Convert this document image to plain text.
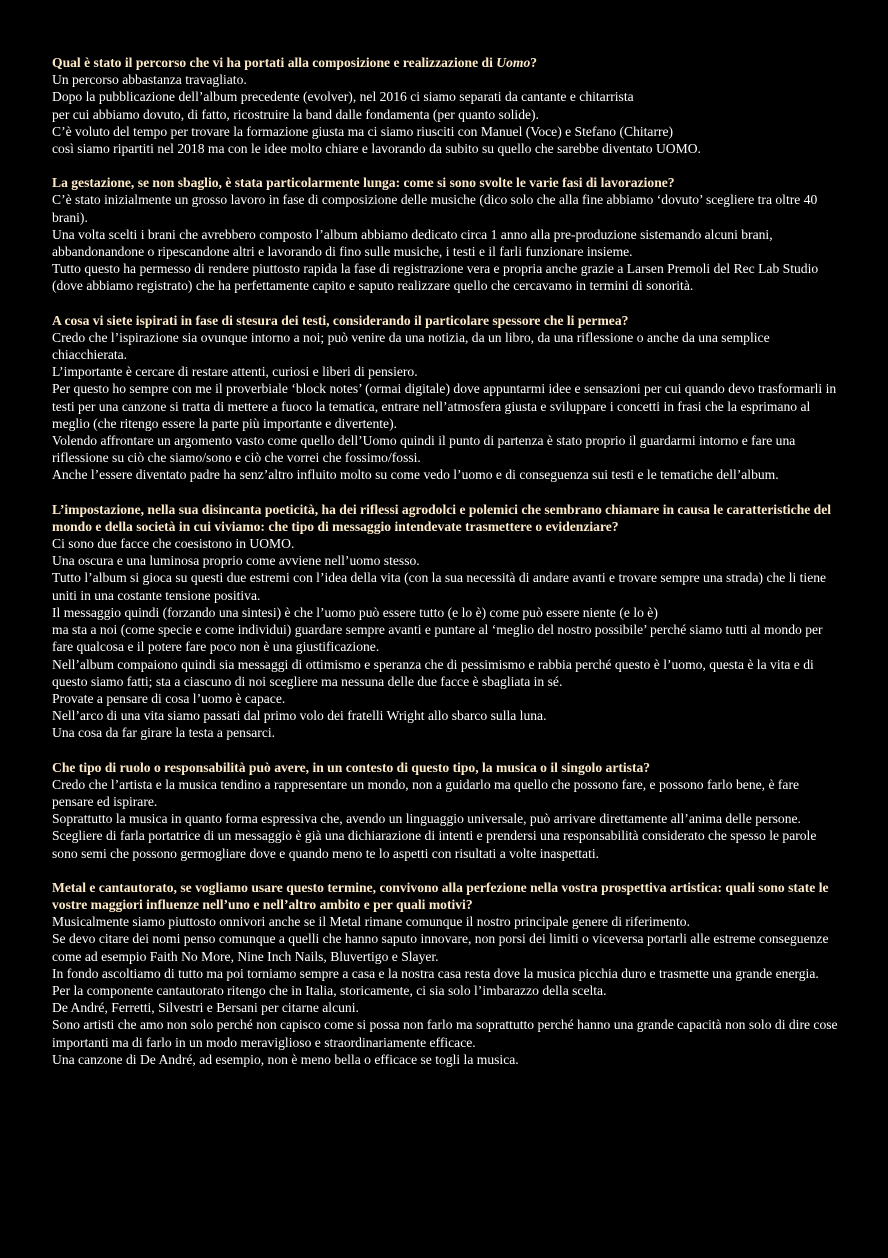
Qual è stato il percorso che vi ha portati alla composizione e realizzazione di Uomo?
Un percorso abbastanza travagliato.
Dopo la pubblicazione dell’album precedente (evolver), nel 2016 ci siamo separati da cantante e chitarrista
per cui abbiamo dovuto, di fatto, ricostruire la band dalle fondamenta (per quanto solide).
C’è voluto del tempo per trovare la formazione giusta ma ci siamo riusciti con Manuel (Voce) e Stefano (Chitarre)
così siamo ripartiti nel 2018 ma con le idee molto chiare e lavorando da subito su quello che sarebbe diventato UOMO.
La gestazione, se non sbaglio, è stata particolarmente lunga: come si sono svolte le varie fasi di lavorazione?
C’è stato inizialmente un grosso lavoro in fase di composizione delle musiche (dico solo che alla fine abbiamo ‘dovuto’ scegliere tra oltre 40 brani).
Una volta scelti i brani che avrebbero composto l’album abbiamo dedicato circa 1 anno alla pre-produzione sistemando alcuni brani, abbandonandone o ripescandone altri e lavorando di fino sulle musiche, i testi e il farli funzionare insieme.
Tutto questo ha permesso di rendere piuttosto rapida la fase di registrazione vera e propria anche grazie a Larsen Premoli del Rec Lab Studio (dove abbiamo registrato) che ha perfettamente capito e saputo realizzare quello che cercavamo in termini di sonorità.
A cosa vi siete ispirati in fase di stesura dei testi, considerando il particolare spessore che li permea?
Credo che l’ispirazione sia ovunque intorno a noi; può venire da una notizia, da un libro, da una riflessione o anche da una semplice chiacchierata.
L’importante è cercare di restare attenti, curiosi e liberi di pensiero.
Per questo ho sempre con me il proverbiale ‘block notes’ (ormai digitale) dove appuntarmi idee e sensazioni per cui quando devo trasformarli in testi per una canzone si tratta di mettere a fuoco la tematica, entrare nell’atmosfera giusta e sviluppare i concetti in frasi che la esprimano al meglio (che ritengo essere la parte più importante e divertente).
Volendo affrontare un argomento vasto come quello dell’Uomo quindi il punto di partenza è stato proprio il guardarmi intorno e fare una riflessione su ciò che siamo/sono e ciò che vorrei che fossimo/fossi.
Anche l’essere diventato padre ha senz’altro influito molto su come vedo l’uomo e di conseguenza sui testi e le tematiche dell’album.
L’impostazione, nella sua disincanta poeticità, ha dei riflessi agrodolci e polemici che sembrano chiamare in causa le caratteristiche del mondo e della società in cui viviamo: che tipo di messaggio intendevate trasmettere o evidenziare?
Ci sono due facce che coesistono in UOMO.
Una oscura e una luminosa proprio come avviene nell’uomo stesso.
Tutto l’album si gioca su questi due estremi con l’idea della vita (con la sua necessità di andare avanti e trovare sempre una strada) che li tiene uniti in una costante tensione positiva.
Il messaggio quindi (forzando una sintesi) è che l’uomo può essere tutto (e lo è) come può essere niente (e lo è)
ma sta a noi (come specie e come individui) guardare sempre avanti e puntare al ‘meglio del nostro possibile’ perché siamo tutti al mondo per fare qualcosa e il potere fare poco non è una giustificazione.
Nell’album compaiono quindi sia messaggi di ottimismo e speranza che di pessimismo e rabbia perché questo è l’uomo, questa è la vita e di questo siamo fatti; sta a ciascuno di noi scegliere ma nessuna delle due facce è sbagliata in sé.
Provate a pensare di cosa l’uomo è capace.
Nell’arco di una vita siamo passati dal primo volo dei fratelli Wright allo sbarco sulla luna.
Una cosa da far girare la testa a pensarci.
Che tipo di ruolo o responsabilità può avere, in un contesto di questo tipo, la musica o il singolo artista?
Credo che l’artista e la musica tendino a rappresentare un mondo, non a guidarlo ma quello che possono fare, e possono farlo bene, è fare pensare ed ispirare.
Soprattutto la musica in quanto forma espressiva che, avendo un linguaggio universale, può arrivare direttamente all’anima delle persone.
Scegliere di farla portatrice di un messaggio è già una dichiarazione di intenti e prendersi una responsabilità considerato che spesso le parole sono semi che possono germogliare dove e quando meno te lo aspetti con risultati a volte inaspettati.
Metal e cantautorato, se vogliamo usare questo termine, convivono alla perfezione nella vostra prospettiva artistica: quali sono state le vostre maggiori influenze nell’uno e nell’altro ambito e per quali motivi?
Musicalmente siamo piuttosto onnivori anche se il Metal rimane comunque il nostro principale genere di riferimento.
Se devo citare dei nomi penso comunque a quelli che hanno saputo innovare, non porsi dei limiti o viceversa portarli alle estreme conseguenze come ad esempio Faith No More, Nine Inch Nails, Bluvertigo e Slayer.
In fondo ascoltiamo di tutto ma poi torniamo sempre a casa e la nostra casa resta dove la musica picchia duro e trasmette una grande energia.
Per la componente cantautorato ritengo che in Italia, storicamente, ci sia solo l’imbarazzo della scelta.
De André, Ferretti, Silvestri e Bersani per citarne alcuni.
Sono artisti che amo non solo perché non capisco come si possa non farlo ma soprattutto perché hanno una grande capacità non solo di dire cose importanti ma di farlo in un modo meraviglioso e straordinariamente efficace.
Una canzone di De André, ad esempio, non è meno bella o efficace se togli la musica.
